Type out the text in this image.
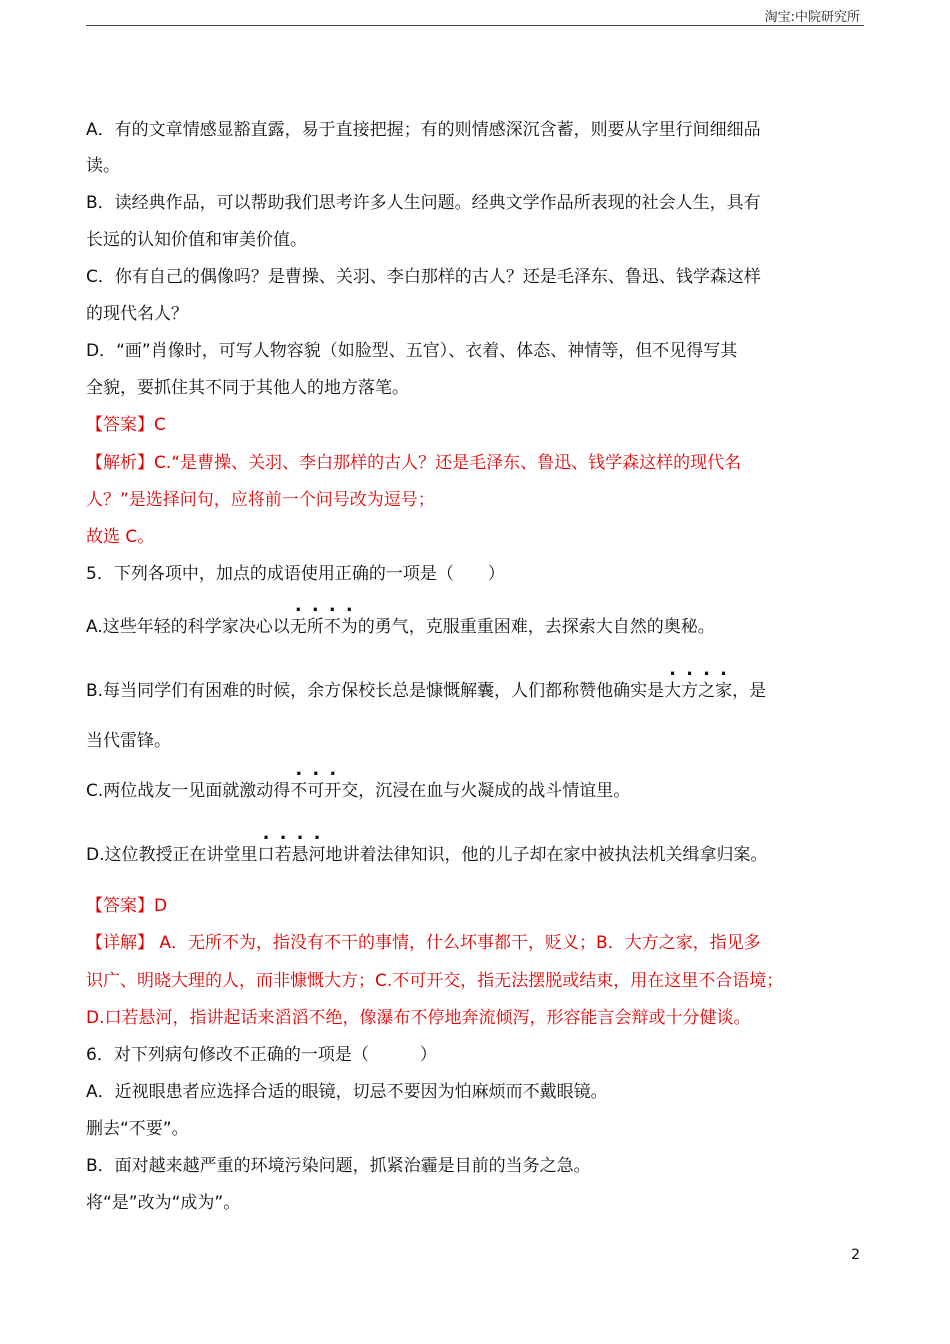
淘宝:中院研究所
A．有的文章情感显豁直露，易于直接把握；有的则情感深沉含蓄，则要从字里行间细细品
读。
B．读经典作品，可以帮助我们思考许多人生问题。经典文学作品所表现的社会人生，具有
长远的认知价值和审美价值。
C．你有自己的偶像吗？是曹操、关羽、李白那样的古人？还是毛泽东、鲁迅、钱学森这样
的现代名人？
D．“画”肖像时，可写人物容貌（如脸型、五官）、衣着、体态、神情等，但不见得写其
全貌，要抓住其不同于其他人的地方落笔。
【答案】C
【解析】C.“是曹操、关羽、李白那样的古人？还是毛泽东、鲁迅、钱学森这样的现代名
人？”是选择问句，应将前一个问号改为逗号；
故选 C。
5．下列各项中，加点的成语使用正确的一项是（　　）
A.这些年轻的科学家决心以无所不为的勇气，克服重重困难，去探索大自然的奥秘。
B.每当同学们有困难的时候，余方保校长总是慷慨解囊，人们都称赞他确实是大方之家，是
当代雷锋。
C.两位战友一见面就激动得不可开交，沉浸在血与火凝成的战斗情谊里。
D.这位教授正在讲堂里口若悬河地讲着法律知识，他的儿子却在家中被执法机关缉拿归案。
【答案】D
【详解】 A．无所不为，指没有不干的事情，什么坏事都干，贬义；B．大方之家，指见多
识广、明晓大理的人，而非慷慨大方；C.不可开交，指无法摆脱或结束，用在这里不合语境；
D.口若悬河，指讲起话来滔滔不绝，像瀑布不停地奔流倾泻，形容能言会辩或十分健谈。
6．对下列病句修改不正确的一项是（　　　）
A．近视眼患者应选择合适的眼镜，切忌不要因为怕麻烦而不戴眼镜。
删去“不要”。
B．面对越来越严重的环境污染问题，抓紧治霾是目前的当务之急。
将“是”改为“成为”。
2
